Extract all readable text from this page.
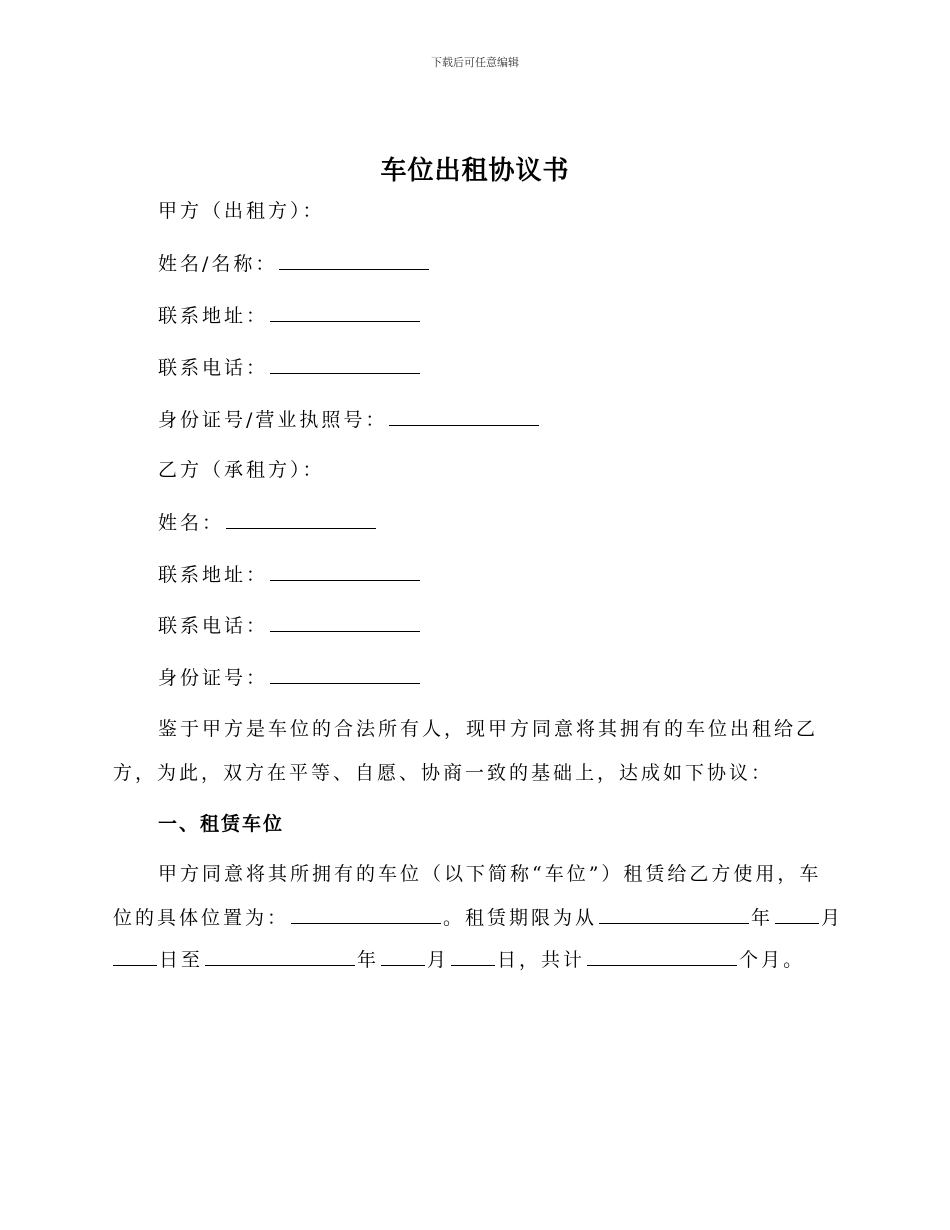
下载后可任意编辑
车位出租协议书
甲方（出租方）：
姓名/名称：
联系地址：
联系电话：
身份证号/营业执照号：
乙方（承租方）：
姓名：
联系地址：
联系电话：
身份证号：
鉴于甲方是车位的合法所有人，现甲方同意将其拥有的车位出租给乙
方，为此，双方在平等、自愿、协商一致的基础上，达成如下协议：
一、租赁车位
甲方同意将其所拥有的车位（以下简称“车位”）租赁给乙方使用，车
位的具体位置为：	。租赁期限为从	年	月
日至	年	月	日，共计	个月。
